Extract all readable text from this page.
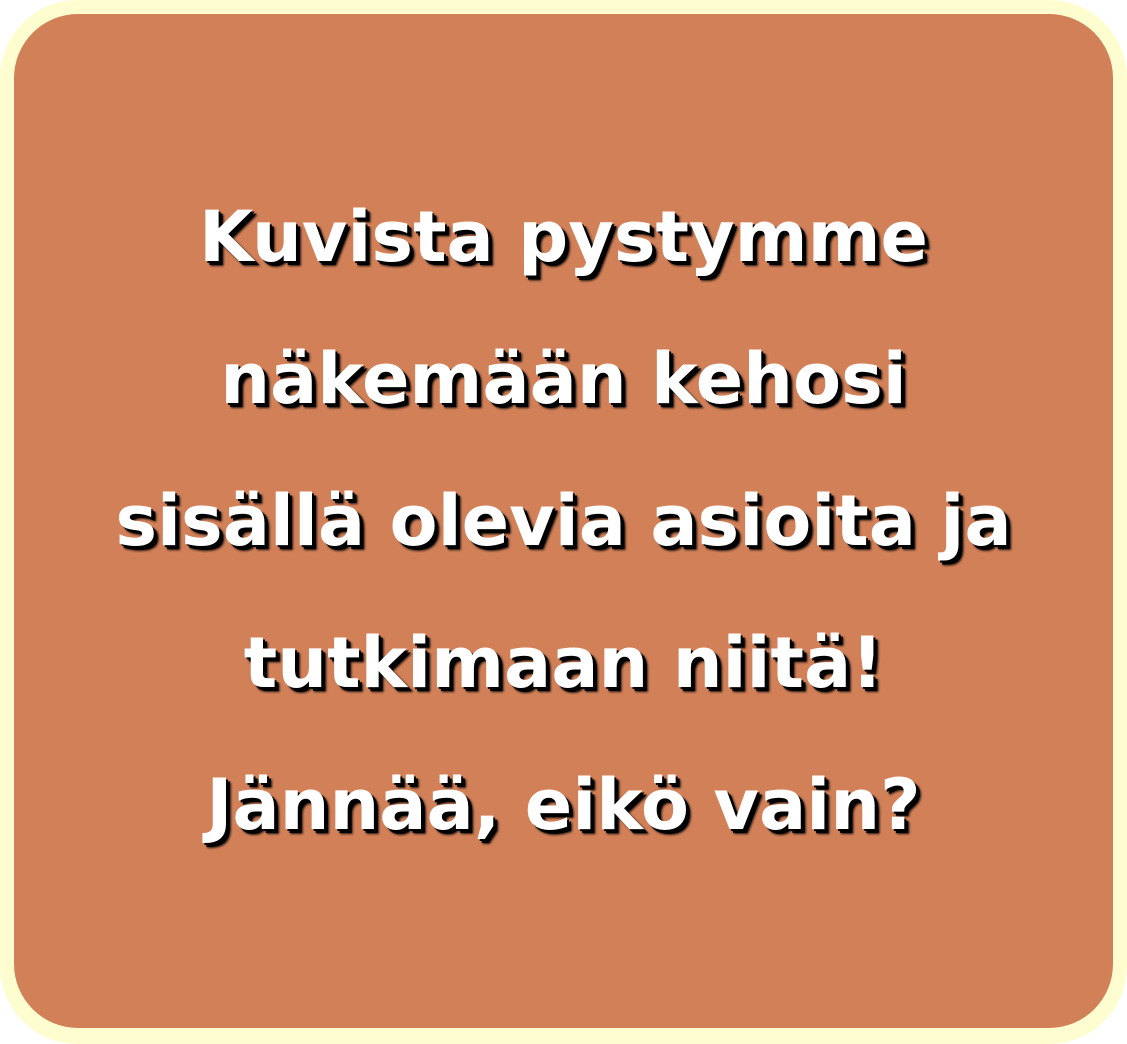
Kuvista pystymme
näkemään kehosi
sisällä olevia asioita ja
tutkimaan niitä!
Jännää, eikö vain?
